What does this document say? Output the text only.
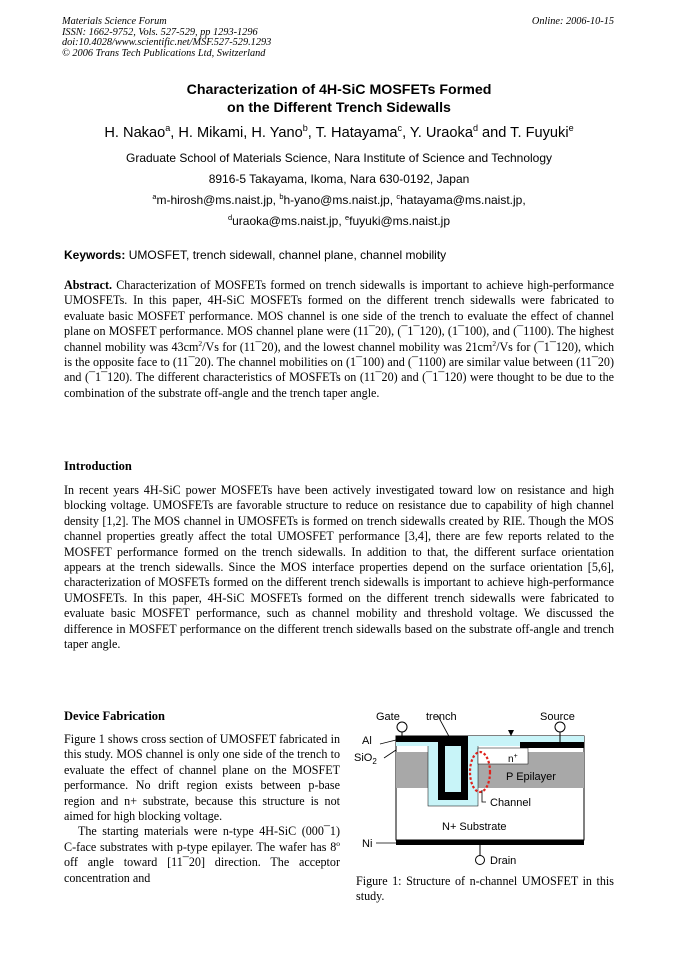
Materials Science Forum
ISSN: 1662-9752, Vols. 527-529, pp 1293-1296
doi:10.4028/www.scientific.net/MSF.527-529.1293
© 2006 Trans Tech Publications Ltd, Switzerland
Online: 2006-10-15
Characterization of 4H-SiC MOSFETs Formed
on the Different Trench Sidewalls
H. Nakao$^a$, H. Mikami, H. Yano$^b$, T. Hatayama$^c$, Y. Uraoka$^d$ and T. Fuyuki$^e$
Graduate School of Materials Science, Nara Institute of Science and Technology
8916-5 Takayama, Ikoma, Nara 630-0192, Japan
$^a$m-hirosh@ms.naist.jp, $^b$h-yano@ms.naist.jp, $^c$hatayama@ms.naist.jp,
$^d$uraoka@ms.naist.jp, $^e$fuyuki@ms.naist.jp
Keywords: UMOSFET, trench sidewall, channel plane, channel mobility
Abstract. Characterization of MOSFETs formed on trench sidewalls is important to achieve high-performance UMOSFETs. In this paper, 4H-SiC MOSFETs formed on the different trench sidewalls were fabricated to evaluate basic MOSFET performance. MOS channel is one side of the trench to evaluate the effect of channel plane on MOSFET performance. MOS channel plane were (11¯20), (¯1¯120), (1¯100), and (¯1100). The highest channel mobility was $43cm^2/Vs$ for (11¯20), and the lowest channel mobility was $21cm^2/Vs$ for (¯1¯120), which is the opposite face to (11¯20). The channel mobilities on (1¯100) and (¯1100) are similar value between (11¯20) and (¯1¯120). The different characteristics of MOSFETs on (11¯20) and (¯1¯120) were thought to be due to the combination of the substrate off-angle and the trench taper angle.
Introduction
In recent years 4H-SiC power MOSFETs have been actively investigated toward low on resistance and high blocking voltage. UMOSFETs are favorable structure to reduce on resistance due to capability of high channel density [1,2]. The MOS channel in UMOSFETs is formed on trench sidewalls created by RIE. Though the MOS channel properties greatly affect the total UMOSFET performance [3,4], there are few reports related to the MOSFET performance formed on the trench sidewalls. In addition to that, the different surface orientation appears at the trench sidewalls. Since the MOS interface properties depend on the surface orientation [5,6], characterization of MOSFETs formed on the different trench sidewalls is important to achieve high-performance UMOSFETs. In this paper, 4H-SiC MOSFETs formed on the different trench sidewalls were fabricated to evaluate basic MOSFET performance, such as channel mobility and threshold voltage. We discussed the difference in MOSFET performance on the different trench sidewalls based on the substrate off-angle and trench taper angle.
Device Fabrication

Figure 1 shows cross section of UMOSFET fabricated in this study. MOS channel is only one side of the trench to evaluate the effect of channel plane on the MOSFET performance. No drift region exists between p-base region and n+ substrate, because this structure is not aimed for high blocking voltage.

The starting materials were n-type 4H-SiC (000¯1) C-face substrates with p-type epilayer. The wafer has 8$^o$ off angle toward [11¯20] direction. The acceptor concentration and

Gate trench	Source
Al
SiO$_2$	n+
P Epilayer
Channel
N+ Substrate
Ni
Drain
Figure 1: Structure of n-channel UMOSFET in this study.
